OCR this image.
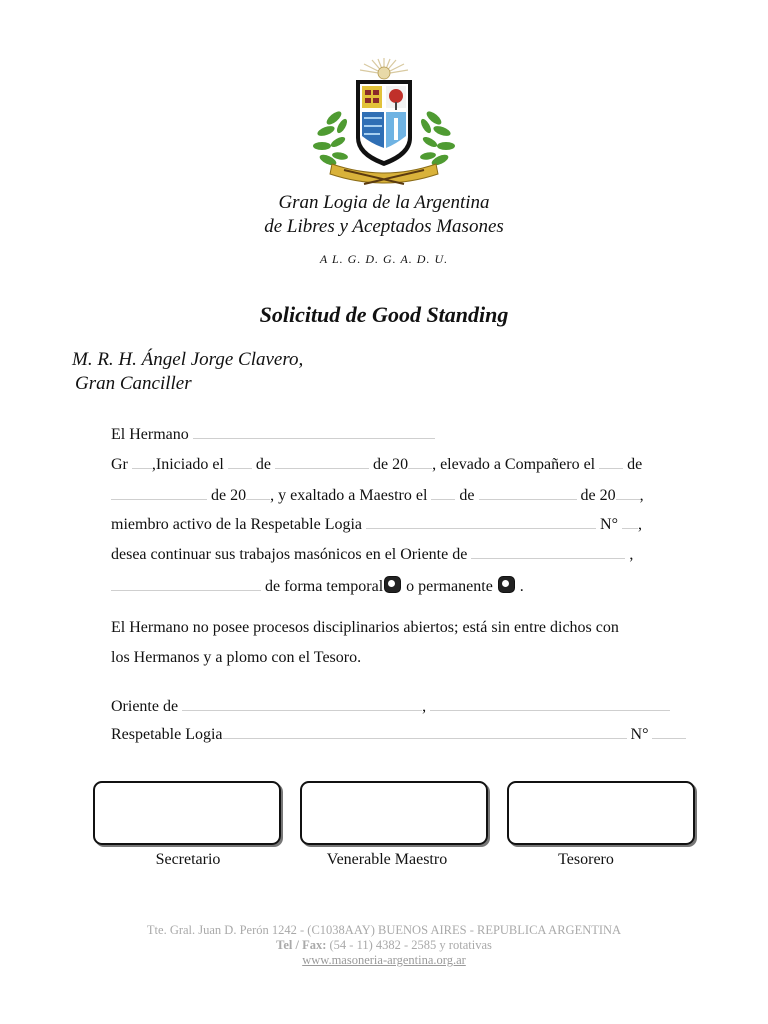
Gran Logia de la Argentina
de Libres y Aceptados Masones
A L. G. D. G. A. D. U.
Solicitud de Good Standing
M. R. H. Ángel Jorge Clavero,
Gran Canciller
El Hermano
Gr ,Iniciado el de	de 20 , elevado a Compañero el de
de 20 , y exaltado a Maestro el de	de 20 ,
miembro activo de la Respetable Logia	N° ,
desea continuar sus trabajos masónicos en el Oriente de	,
de forma temporal o permanente .
El Hermano no posee procesos disciplinarios abiertos; está sin entre dichos con
los Hermanos y a plomo con el Tesoro.
Oriente de	,
Respetable Logia	N°
Secretario	Venerable Maestro	Tesorero
Tte. Gral. Juan D. Perón 1242 - (C1038AAY) BUENOS AIRES - REPUBLICA ARGENTINA
Tel / Fax: (54 - 11) 4382 - 2585 y rotativas
www.masoneria-argentina.org.ar
